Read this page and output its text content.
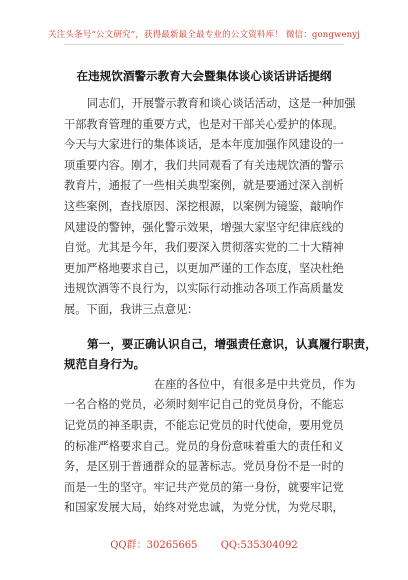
关注头条号“公文研究”，获得最新最全最专业的公文资料库！ 微信：gongwenyj
在违规饮酒警示教育大会暨集体谈心谈话讲话提纲
同志们，开展警示教育和谈心谈话活动，这是一种加强
干部教育管理的重要方式，也是对干部关心爱护的体现。
今天与大家进行的集体谈话，是本年度加强作风建设的一
项重要内容。刚才，我们共同观看了有关违规饮酒的警示
教育片，通报了一些相关典型案例，就是要通过深入剖析
这些案例，查找原因、深挖根源，以案例为镜鉴，敲响作
风建设的警钟，强化警示效果，增强大家坚守纪律底线的
自觉。尤其是今年，我们要深入贯彻落实党的二十大精神
更加严格地要求自己，以更加严谨的工作态度，坚决杜绝
违规饮酒等不良行为，以实际行动推动各项工作高质量发
展。下面，我讲三点意见：
第一，要正确认识自己，增强责任意识，认真履行职责，
规范自身行为。
在座的各位中，有很多是中共党员，作为
一名合格的党员，必须时刻牢记自己的党员身份，不能忘
记党员的神圣职责，不能忘记党员的时代使命，要用党员
的标准严格要求自己。党员的身份意味着重大的责任和义
务，是区别于普通群众的显著标志。党员身份不是一时的
而是一生的坚守。牢记共产党员的第一身份，就要牢记党
和国家发展大局，始终对党忠诚，为党分忧，为党尽职，
QQ群：30265665 QQ:535304092
